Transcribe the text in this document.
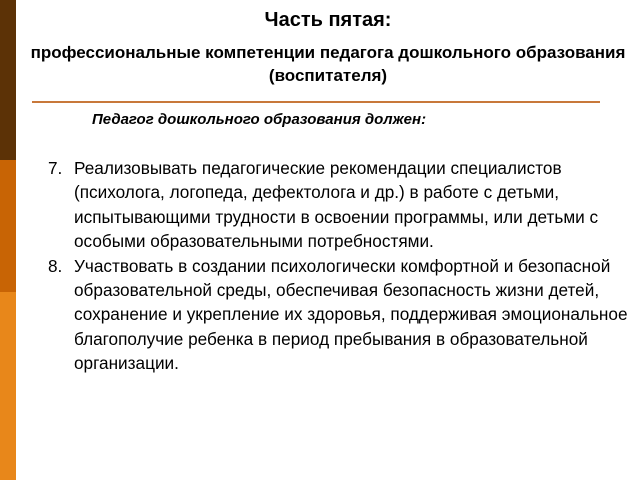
Часть пятая:
профессиональные компетенции педагога дошкольного образования (воспитателя)

Педагог дошкольного образования должен:

7. Реализовывать педагогические рекомендации специалистов (психолога, логопеда, дефектолога и др.) в работе с детьми, испытывающими трудности в освоении программы, или детьми с особыми образовательными потребностями.
8. Участвовать в создании психологически комфортной и безопасной образовательной среды, обеспечивая безопасность жизни детей, сохранение и укрепление их здоровья, поддерживая эмоциональное благополучие ребенка в период пребывания в образовательной организации.
